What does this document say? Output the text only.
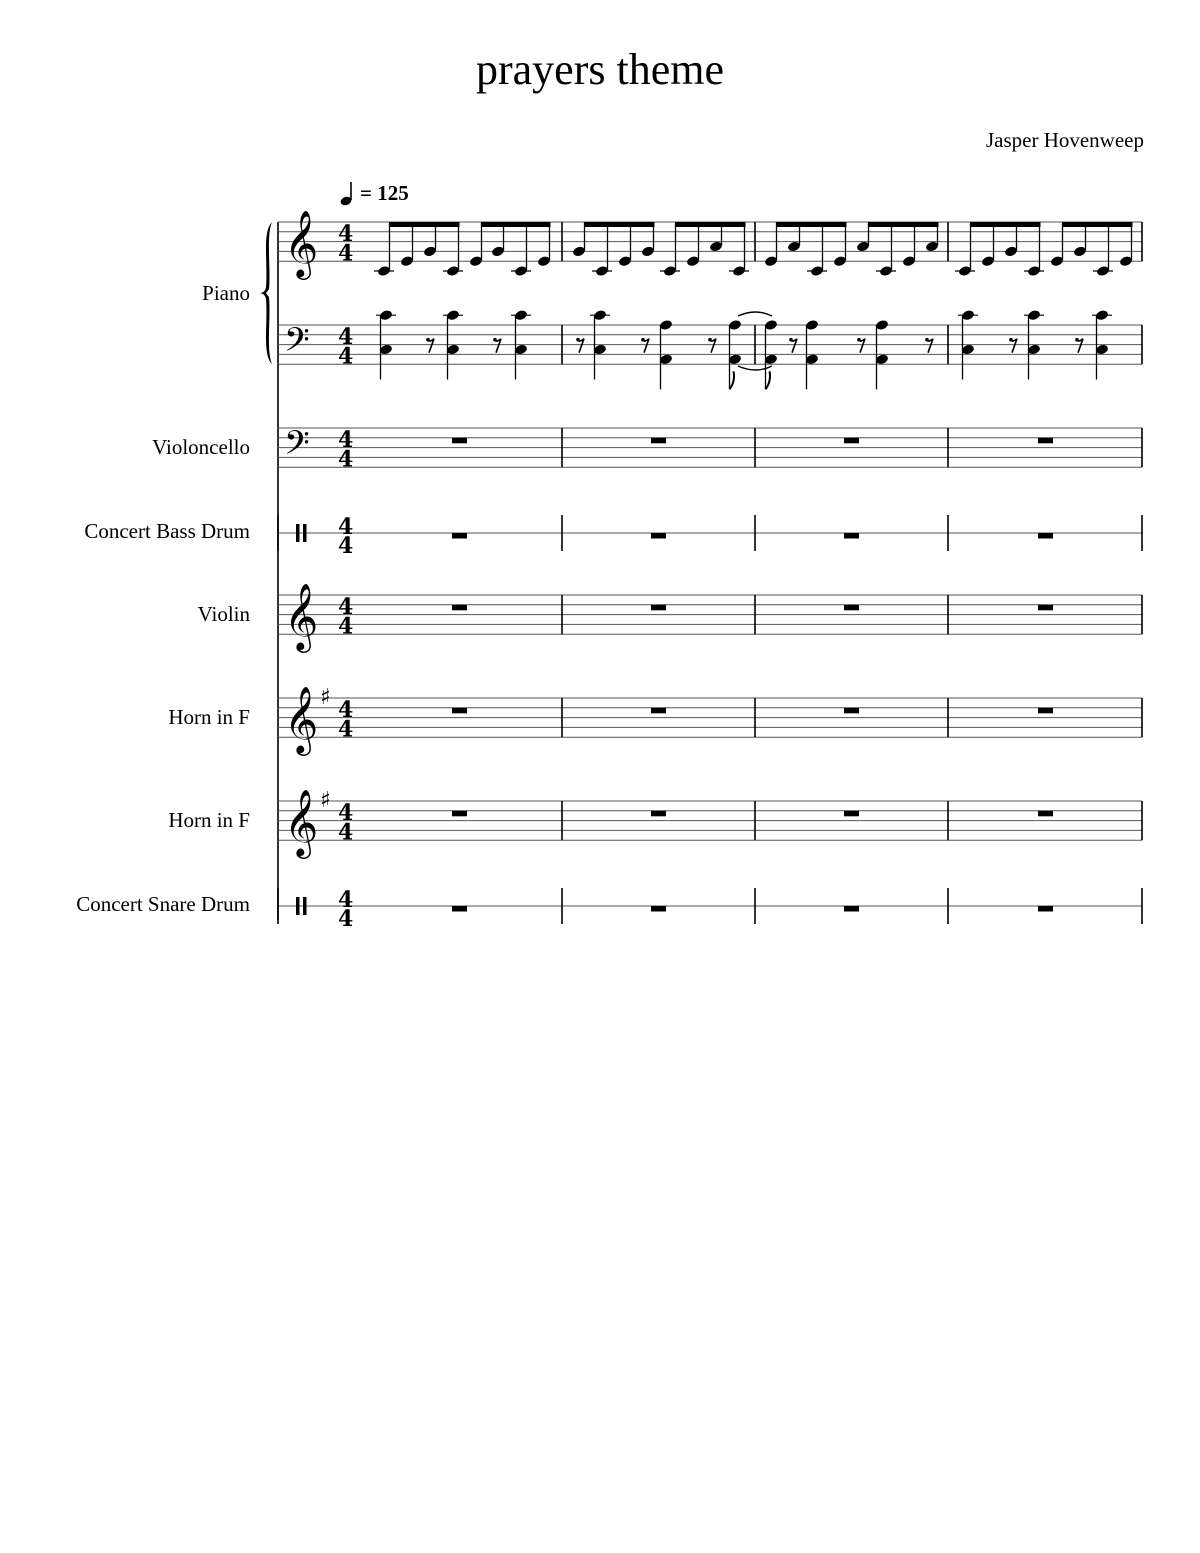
prayers theme
Jasper Hovenweep
= 125
Piano
Violoncello
Concert Bass Drum
Violin
Horn in F
Horn in F
Concert Snare Drum
𝄞 4
4
𝄢 4
4
𝄢 4
4
4
4
𝄞 4
4
𝄞 ♯ 4
4
𝄞 ♯ 4
4
4
4
